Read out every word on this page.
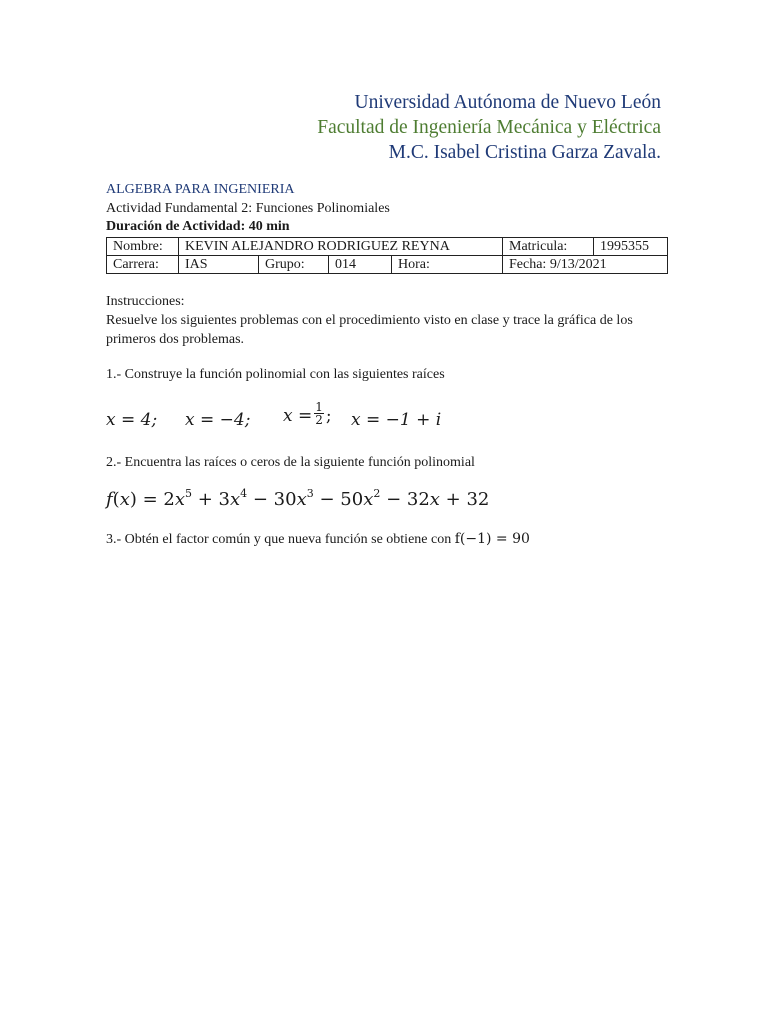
Universidad Autónoma de Nuevo León
Facultad de Ingeniería Mecánica y Eléctrica
M.C. Isabel Cristina Garza Zavala.
ALGEBRA PARA INGENIERIA
Actividad Fundamental 2: Funciones Polinomiales
Duración de Actividad: 40 min
Nombre:	KEVIN ALEJANDRO RODRIGUEZ REYNA				Matricula:	1995355
Carrera:	IAS	Grupo:	014	Hora:	Fecha: 9/13/2021	
Instrucciones:
Resuelve los siguientes problemas con el procedimiento visto en clase y trace la gráfica de los primeros dos problemas.
1.- Construye la función polinomial con las siguientes raíces
x = 4; x = −4; $x = \frac{1}{2}$ ; x = −1 + i
2.- Encuentra las raíces o ceros de la siguiente función polinomial
$f(x) = 2x^5 + 3x^4 - 30x^3 - 50x^2 - 32x + 32$
3.- Obtén el factor común y que nueva función se obtiene con f(−1) = 90
